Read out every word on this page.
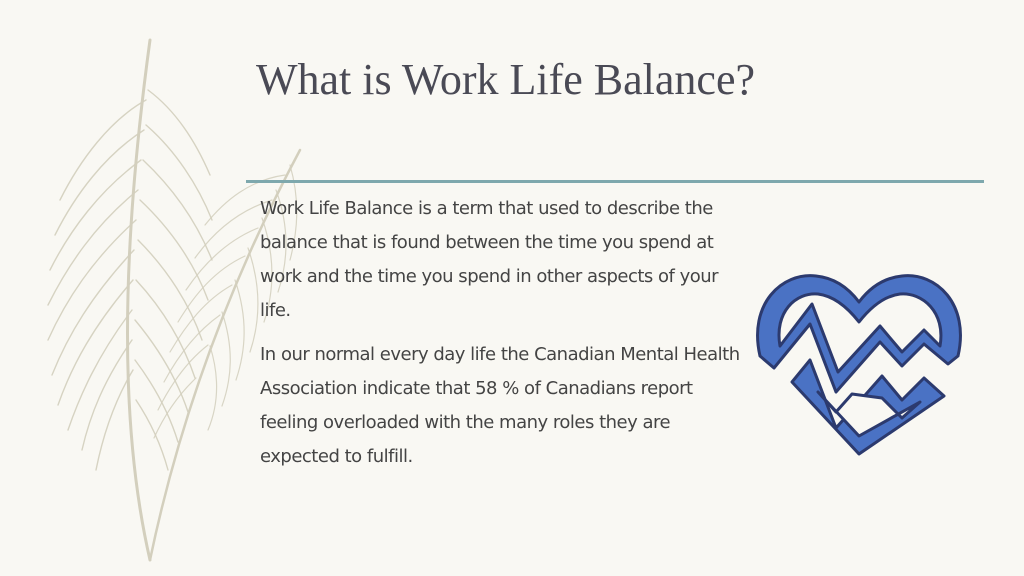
What is Work Life Balance?

Work Life Balance is a term that used to describe the balance that is found between the time you spend at work and the time you spend in other aspects of your life.

In our normal every day life the Canadian Mental Health Association indicate that 58 % of Canadians report feeling overloaded with the many roles they are expected to fulfill.
